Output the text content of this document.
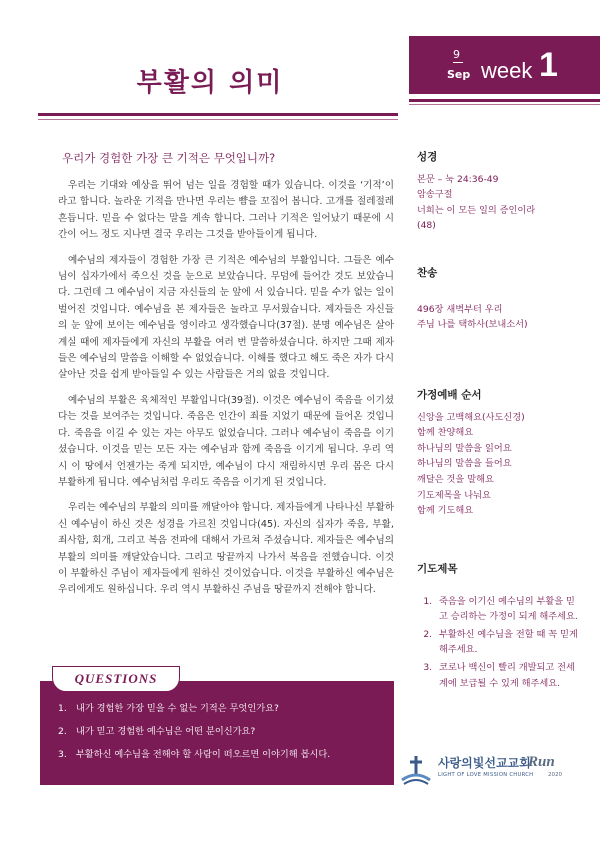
부활의 의미
9
Sep week 1
우리가 경험한 가장 큰 기적은 무엇입니까?

우리는 기대와 예상을 뛰어 넘는 일을 경험할 때가 있습니다. 이것을 ‘기적’이라고 합니다. 놀라운 기적을 만나면 우리는 뺨을 꼬집어 봅니다. 고개를 절레절레 흔듭니다. 믿을 수 없다는 말을 계속 합니다. 그러나 기적은 일어났기 때문에 시간이 어느 정도 지나면 결국 우리는 그것을 받아들이게 됩니다.

예수님의 제자들이 경험한 가장 큰 기적은 예수님의 부활입니다. 그들은 예수님이 십자가에서 죽으신 것을 눈으로 보았습니다. 무덤에 들어간 것도 보았습니다. 그런데 그 예수님이 지금 자신들의 눈 앞에 서 있습니다. 믿을 수가 없는 일이 벌어진 것입니다. 예수님을 본 제자들은 놀라고 무서웠습니다. 제자들은 자신들의 눈 앞에 보이는 예수님을 영이라고 생각했습니다(37절). 분명 예수님은 살아계실 때에 제자들에게 자신의 부활을 여러 번 말씀하셨습니다. 하지만 그때 제자들은 예수님의 말씀을 이해할 수 없었습니다. 이해를 했다고 해도 죽은 자가 다시 살아난 것을 쉽게 받아들일 수 있는 사람들은 거의 없을 것입니다.

예수님의 부활은 육체적인 부활입니다(39절). 이것은 예수님이 죽음을 이기셨다는 것을 보여주는 것입니다. 죽음은 인간이 죄를 지었기 때문에 들어온 것입니다. 죽음을 이길 수 있는 자는 아무도 없었습니다. 그러나 예수님이 죽음을 이기셨습니다. 이것을 믿는 모든 자는 예수님과 함께 죽음을 이기게 됩니다. 우리 역시 이 땅에서 언젠가는 죽게 되지만, 예수님이 다시 재림하시면 우리 몸은 다시 부활하게 됩니다. 예수님처럼 우리도 죽음을 이기게 된 것입니다.

우리는 예수님의 부활의 의미를 깨달아야 합니다. 제자들에게 나타나신 부활하신 예수님이 하신 것은 성경을 가르친 것입니다(45). 자신의 십자가 죽음, 부활, 죄사함, 회개, 그리고 복음 전파에 대해서 가르쳐 주셨습니다. 제자들은 예수님의 부활의 의미를 깨달았습니다. 그리고 땅끝까지 나가서 복음을 전했습니다. 이것이 부활하신 주님이 제자들에게 원하신 것이었습니다. 이것을 부활하신 예수님은 우리에게도 원하십니다. 우리 역시 부활하신 주님을 땅끝까지 전해야 합니다.

성경
본문 – 눅 24:36-49
암송구절
너희는 이 모든 일의 증인이라
(48)
찬송
496장 새벽부터 우리
주님 나를 택하사(보내소서)
가정예배 순서
신앙을 고백해요(사도신경)
함께 찬양해요
하나님의 말씀을 읽어요
하나님의 말씀을 들어요
깨달은 것을 말해요
기도제목을 나눠요
함께 기도해요
기도제목
1. 죽음을 이기신 예수님의 부활을 믿고 승리하는 가정이 되게 해주세요.
2. 부활하신 예수님을 전할 때 꼭 믿게 해주세요.
3. 코로나 백신이 빨리 개발되고 전세계에 보급될 수 있게 해주세요.
QUESTIONS
1. 내가 경험한 가장 믿을 수 없는 기적은 무엇인가요?
2. 내가 믿고 경험한 예수님은 어떤 분이신가요?
3. 부활하신 예수님을 전해야 할 사람이 떠오르면 이야기해 봅시다.
사랑의빛선교교회
LIGHT OF LOVE MISSION CHURCH
Run
2020
